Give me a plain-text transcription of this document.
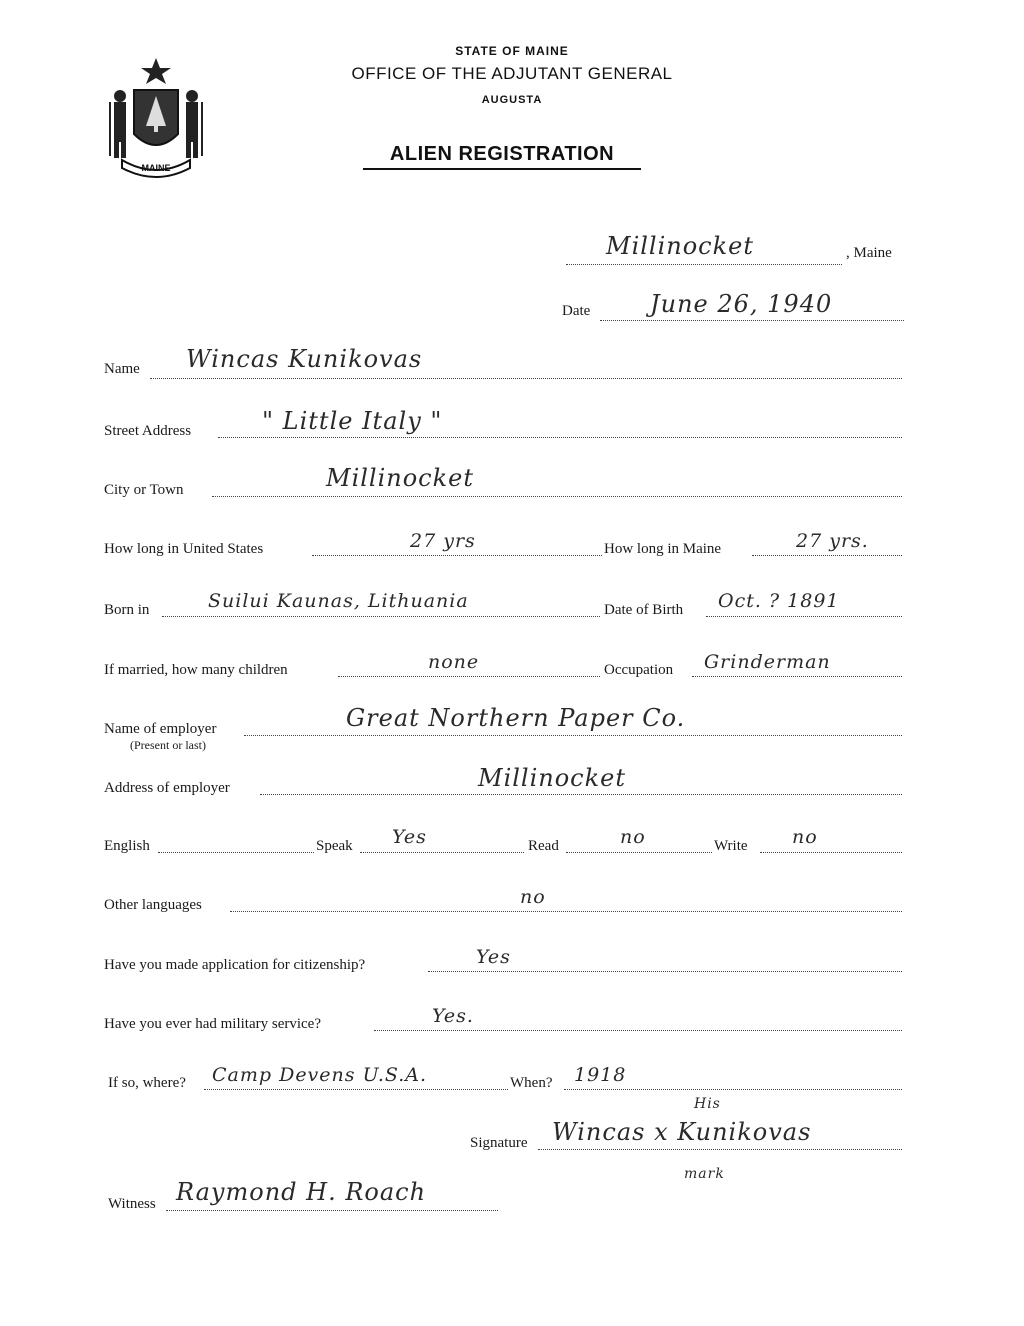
STATE OF MAINE
OFFICE OF THE ADJUTANT GENERAL
AUGUSTA
ALIEN REGISTRATION
MAINE
Millinocket	, Maine
Date June 26, 1940
Name Wincas Kunikovas
Street Address	" Little Italy "
City or Town	Millinocket
How long in United States	27 yrs	How long in Maine	27 yrs.
Born in	Suilui Kaunas, Lithuania	Date of Birth Oct. ? 1891
If married, how many children	none	Occupation Grinderman
Name of employer
(Present or last)
Great Northern Paper Co.
Address of employer	Millinocket
English	Speak Yes	Read	no	Write no
Other languages	no
Have you made application for citizenship?	Yes
Have you ever had military service?	Yes.
If so, where? Camp Devens U.S.A.	When? 1918
Signature Wincas x Kunikovas
His
mark
Witness Raymond H. Roach
